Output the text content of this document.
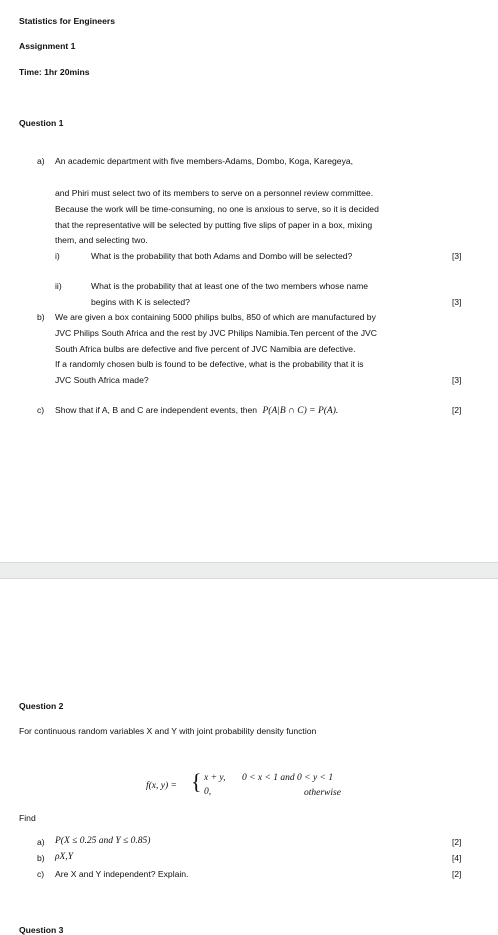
Statistics for Engineers
Assignment 1
Time: 1hr 20mins
Question 1
a) An academic department with five members-Adams, Dombo, Koga, Karegeya,
and Phiri must select two of its members to serve on a personnel review committee.
Because the work will be time-consuming, no one is anxious to serve, so it is decided
that the representative will be selected by putting five slips of paper in a box, mixing
them, and selecting two.
i)	What is the probability that both Adams and Dombo will be selected?	[3]
ii)	What is the probability that at least one of the two members whose name
begins with K is selected?	[3]
b) We are given a box containing 5000 philips bulbs, 850 of which are manufactured by
JVC Philips South Africa and the rest by JVC Philips Namibia.Ten percent of the JVC
South Africa bulbs are defective and five percent of JVC Namibia are defective.
If a randomly chosen bulb is found to be defective, what is the probability that it is
JVC South Africa made?	[3]
c) Show that if A, B and C are independent events, then P(A|B ∩ C) = P(A).	[2]
Question 2
For continuous random variables X and Y with joint probability density function
f(x, y) = { x + y,
0,
0 < x < 1 and 0 < y < 1
otherwise
Find
a) P(X ≤ 0.25 and Y ≤ 0.85)	[2]
b) ρX,Y	[4]
c) Are X and Y independent? Explain.	[2]
Question 3
